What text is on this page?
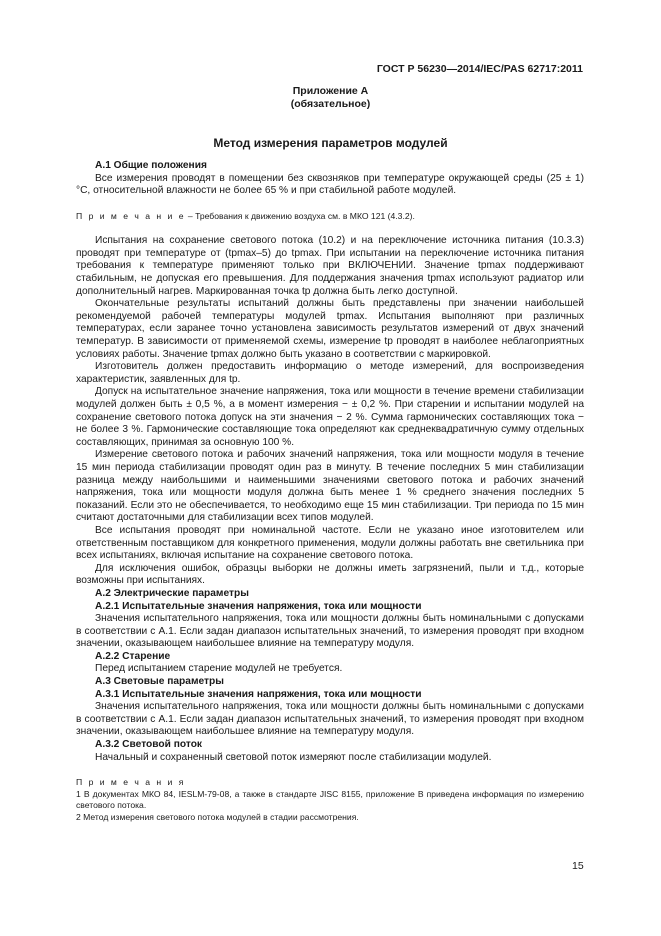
ГОСТ Р 56230—2014/IEC/PAS 62717:2011
Приложение А
(обязательное)
Метод измерения параметров модулей

А.1 Общие положения

Все измерения проводят в помещении без сквозняков при температуре окружающей среды (25 ± 1) °C, относительной влажности не более 65 % и при стабильной работе модулей.

П р и м е ч а н и е – Требования к движению воздуха см. в МКО 121 (4.3.2).

Испытания на сохранение светового потока (10.2) и на переключение источника питания (10.3.3) проводят при температуре от (tpmax–5) до tpmax. При испытании на переключение источника питания требования к температуре применяют только при ВКЛЮЧЕНИИ. Значение tpmax поддерживают стабильным, не допуская его превышения. Для поддержания значения tpmax используют радиатор или дополнительный нагрев. Маркированная точка tp должна быть легко доступной.

Окончательные результаты испытаний должны быть представлены при значении наибольшей рекомендуемой рабочей температуры модулей tpmax. Испытания выполняют при различных температурах, если заранее точно установлена зависимость результатов измерений от двух значений температур. В зависимости от применяемой схемы, измерение tp проводят в наиболее неблагоприятных условиях работы. Значение tpmax должно быть указано в соответствии с маркировкой.

Изготовитель должен предоставить информацию о методе измерений, для воспроизведения характеристик, заявленных для tp.

Допуск на испытательное значение напряжения, тока или мощности в течение времени стабилизации модулей должен быть ± 0,5 %, а в момент измерения − ± 0,2 %. При старении и испытании модулей на сохранение светового потока допуск на эти значения − 2 %. Сумма гармонических составляющих тока − не более 3 %. Гармонические составляющие тока определяют как среднеквадратичную сумму отдельных составляющих, принимая за основную 100 %.

Измерение светового потока и рабочих значений напряжения, тока или мощности модуля в течение 15 мин периода стабилизации проводят один раз в минуту. В течение последних 5 мин стабилизации разница между наибольшими и наименьшими значениями светового потока и рабочих значений напряжения, тока или мощности модуля должна быть менее 1 % среднего значения последних 5 показаний. Если это не обеспечивается, то необходимо еще 15 мин стабилизации. Три периода по 15 мин считают достаточными для стабилизации всех типов модулей.

Все испытания проводят при номинальной частоте. Если не указано иное изготовителем или ответственным поставщиком для конкретного применения, модули должны работать вне светильника при всех испытаниях, включая испытание на сохранение светового потока.

Для исключения ошибок, образцы выборки не должны иметь загрязнений, пыли и т.д., которые возможны при испытаниях.

А.2 Электрические параметры

А.2.1 Испытательные значения напряжения, тока или мощности

Значения испытательного напряжения, тока или мощности должны быть номинальными с допусками в соответствии с А.1. Если задан диапазон испытательных значений, то измерения проводят при входном значении, оказывающем наибольшее влияние на температуру модуля.

А.2.2 Старение

Перед испытанием старение модулей не требуется.

А.3 Световые параметры

А.3.1 Испытательные значения напряжения, тока или мощности

Значения испытательного напряжения, тока или мощности должны быть номинальными с допусками в соответствии с А.1. Если задан диапазон испытательных значений, то измерения проводят при входном значении, оказывающем наибольшее влияние на температуру модуля.

А.3.2 Световой поток

Начальный и сохраненный световой поток измеряют после стабилизации модулей.

П р и м е ч а н и я

1 В документах МКО 84, IESLM-79-08, а также в стандарте JISC 8155, приложение В приведена информация по измерению светового потока.

2 Метод измерения светового потока модулей в стадии рассмотрения.

15
